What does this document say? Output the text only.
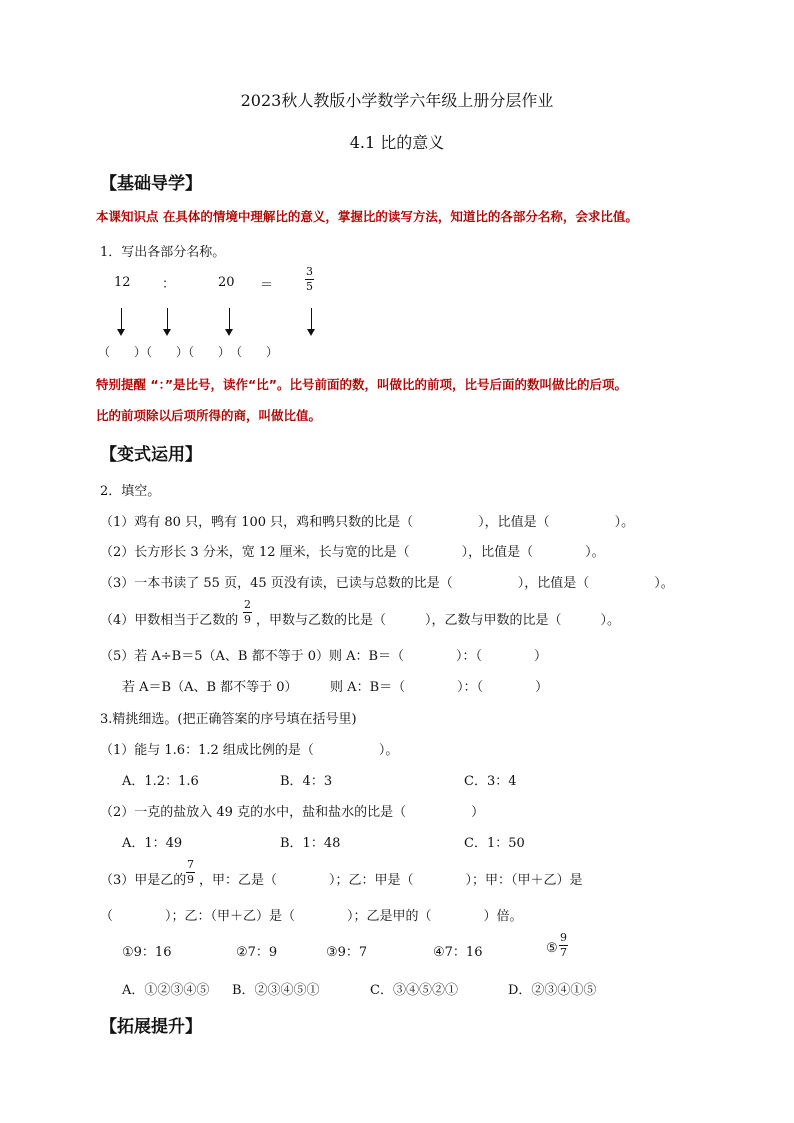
2023秋人教版小学数学六年级上册分层作业
4.1 比的意义
【基础导学】
本课知识点 在具体的情境中理解比的意义，掌握比的读写方法，知道比的各部分名称，会求比值。
1．写出各部分名称。
12 ：	20 ＝
3
5
（　　）（　　）（　　）　（　　）
特别提醒 “：”是比号，读作“比”。比号前面的数，叫做比的前项，比号后面的数叫做比的后项。
比的前项除以后项所得的商，叫做比值。
【变式运用】
2．填空。
（1）鸡有 80 只，鸭有 100 只，鸡和鸭只数的比是（　　　　　），比值是（　　　　　）。
（2）长方形长 3 分米，宽 12 厘米，长与宽的比是（　　　　），比值是（　　　　）。
（3）一本书读了 55 页，45 页没有读，已读与总数的比是（　　　　　），比值是（　　　　　）。
（4）甲数相当于乙数的
2
9 ，甲数与乙数的比是（　　　），乙数与甲数的比是（　　　）。
（5）若 A÷B＝5（A、B 都不等于 0）则 A：B＝（　　　　）：（　　　　）
若 A＝B（A、B 都不等于 0）　　　则 A：B＝（　　　　）：（　　　　）
3.精挑细选。(把正确答案的序号填在括号里)
（1）能与 1.6：1.2 组成比例的是（　　　　　）。
A．1.2：1.6	B．4：3	C．3：4
（2）一克的盐放入 49 克的水中，盐和盐水的比是（　　　　　）
A．1：49	B．1：48	C．1：50
（3）甲是乙的
7
9 ，甲：乙是（　　　　）；乙：甲是（　　　　）；甲：（甲＋乙）是
（　　　　）；乙：（甲＋乙）是（　　　　）；乙是甲的（　　　　）倍。
①9：16	②7：9	③9：7	④7：16	⑤
9
7
A．①②③④⑤ B．②③④⑤①	C．③④⑤②①	D．②③④①⑤
【拓展提升】
